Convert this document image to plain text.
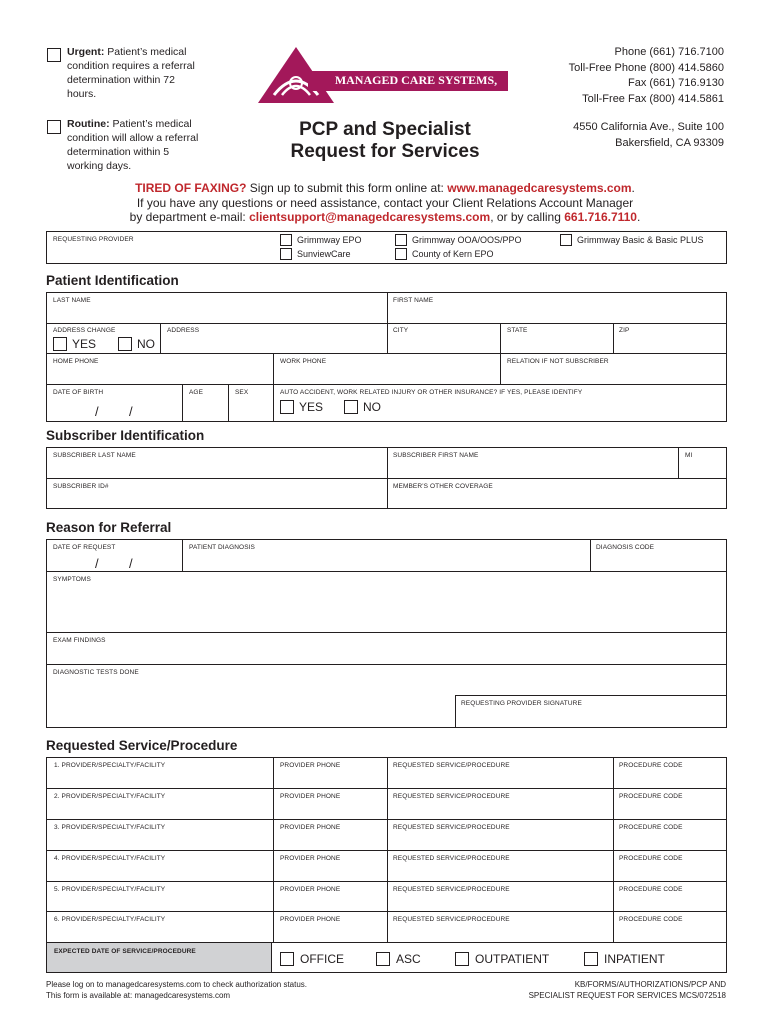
Urgent: Patient’s medical condition requires a referral determination within 72 hours.
Routine: Patient’s medical condition will allow a referral determination within 5 working days.
MANAGED CARE SYSTEMS, LLC
Phone (661) 716.7100
Toll-Free Phone (800) 414.5860
Fax (661) 716.9130
Toll-Free Fax (800) 414.5861
4550 California Ave., Suite 100
Bakersfield, CA 93309
PCP and Specialist
Request for Services
TIRED OF FAXING? Sign up to submit this form online at: www.managedcaresystems.com.
If you have any questions or need assistance, contact your Client Relations Account Manager
by department e-mail: clientsupport@managedcaresystems.com, or by calling 661.716.7110.
REQUESTING PROVIDER	Grimmway EPO
SunviewCare
Grimmway OOA/OOS/PPO
County of Kern EPO
Grimmway Basic & Basic PLUS
Patient Identification
LAST NAME	FIRST NAME
ADDRESS CHANGE
YES	NO
ADDRESS	CITY	STATE	ZIP
HOME PHONE	WORK PHONE	RELATION IF NOT SUBSCRIBER
DATE OF BIRTH
/ /
AGE	SEX	AUTO ACCIDENT, WORK RELATED INJURY OR OTHER INSURANCE? IF YES, PLEASE IDENTIFY
YES	NO
Subscriber Identification
SUBSCRIBER LAST NAME	SUBSCRIBER FIRST NAME	MI
SUBSCRIBER ID#	MEMBER’S OTHER COVERAGE
Reason for Referral
DATE OF REQUEST
/ /
PATIENT DIAGNOSIS	DIAGNOSIS CODE
SYMPTOMS
EXAM FINDINGS
DIAGNOSTIC TESTS DONE
REQUESTING PROVIDER SIGNATURE
Requested Service/Procedure
1. PROVIDER/SPECIALTY/FACILITY	PROVIDER PHONE	REQUESTED SERVICE/PROCEDURE	PROCEDURE CODE
2. PROVIDER/SPECIALTY/FACILITY	PROVIDER PHONE	REQUESTED SERVICE/PROCEDURE	PROCEDURE CODE
3. PROVIDER/SPECIALTY/FACILITY	PROVIDER PHONE	REQUESTED SERVICE/PROCEDURE	PROCEDURE CODE
4. PROVIDER/SPECIALTY/FACILITY	PROVIDER PHONE	REQUESTED SERVICE/PROCEDURE	PROCEDURE CODE
5. PROVIDER/SPECIALTY/FACILITY	PROVIDER PHONE	REQUESTED SERVICE/PROCEDURE	PROCEDURE CODE
6. PROVIDER/SPECIALTY/FACILITY	PROVIDER PHONE	REQUESTED SERVICE/PROCEDURE	PROCEDURE CODE
EXPECTED DATE OF SERVICE/PROCEDURE
OFFICE	ASC	OUTPATIENT	INPATIENT
Please log on to managedcaresystems.com to check authorization status.
This form is available at: managedcaresystems.com
KB/FORMS/AUTHORIZATIONS/PCP AND
SPECIALIST REQUEST FOR SERVICES MCS/072518
